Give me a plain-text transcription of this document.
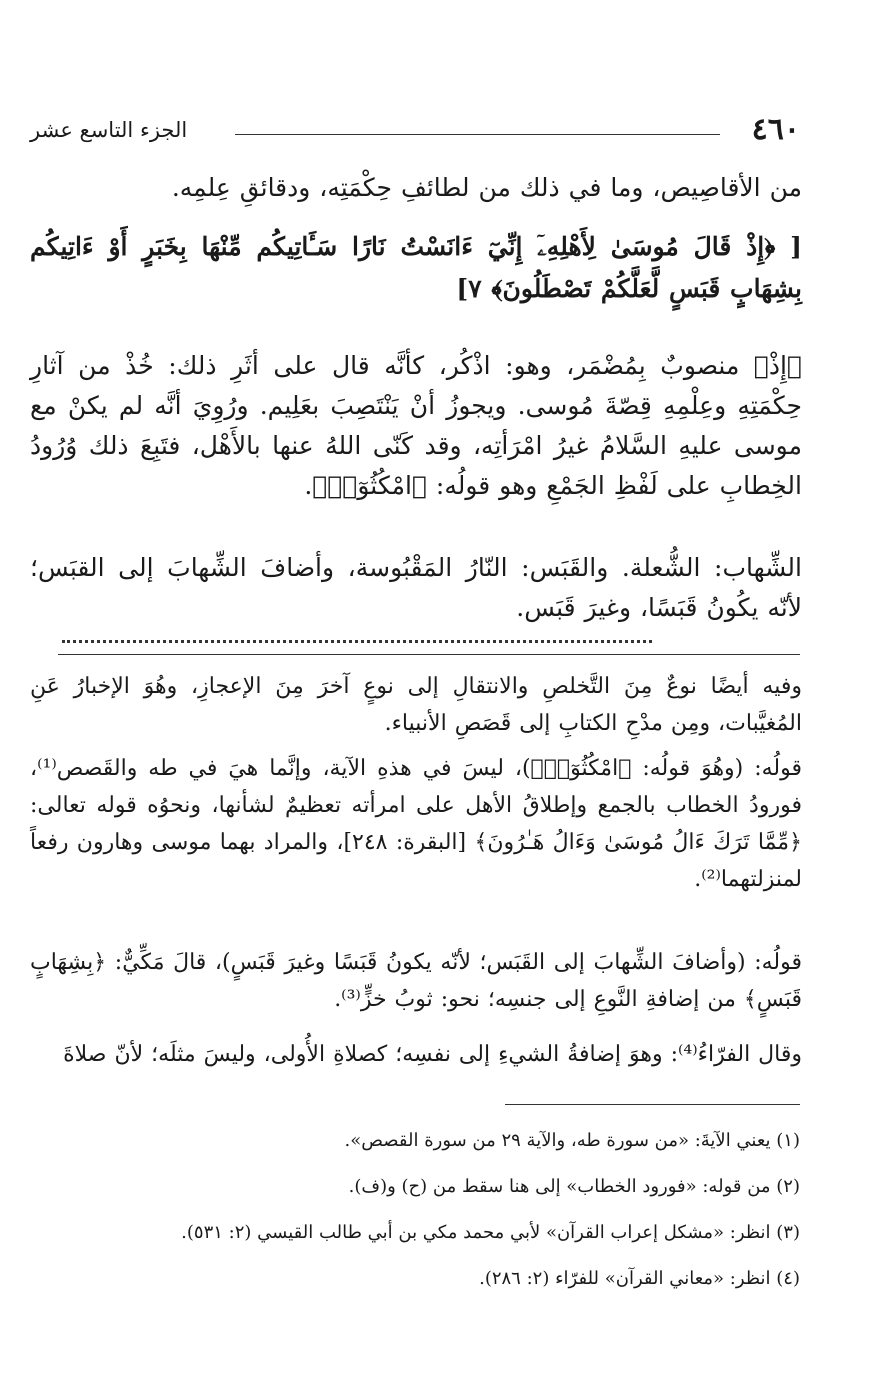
٤٦٠
الجزء التاسع عشر

من الأقاصِيص، وما في ذلك من لطائفِ حِكْمَتِه، ودقائقِ عِلمِه.

[ ﴿إِذْ قَالَ مُوسَىٰ لِأَهْلِهِۦٓ إِنِّيٓ ءَانَسْتُ نَارًا سَـَٔاتِيكُم مِّنْهَا بِخَبَرٍ أَوْ ءَاتِيكُم بِشِهَابٍ قَبَسٍ لَّعَلَّكُمْ تَصْطَلُونَ﴾ ٧]

﴿إِذْ﴾ منصوبٌ بِمُضْمَر، وهو: اذْكُر، كأنَّه قال على أثَرِ ذلك: خُذْ من آثارِ حِكْمَتِهِ وعِلْمِهِ قِصّةَ مُوسى. ويجوزُ أنْ يَنْتَصِبَ بعَلِيم. ورُوِيَ أنَّه لم يكنْ مع موسى عليهِ السَّلامُ غيرُ امْرَأتِه، وقد كَنّى اللهُ عنها بالأَهْل، فتَبِعَ ذلك وُرُودُ الخِطابِ على لَفْظِ الجَمْعِ وهو قولُه: ﴿امْكُثُوٓا۟﴾.

الشِّهاب: الشُّعلة. والقَبَس: النّارُ المَقْبُوسة، وأضافَ الشِّهابَ إلى القبَس؛ لأنّه يكُونُ قَبَسًا، وغيرَ قَبَس.

وفيه أيضًا نوعٌ مِنَ التَّخلصِ والانتقالِ إلى نوعٍ آخرَ مِنَ الإعجازِ، وهُوَ الإخبارُ عَنِ المُغيَّبات، ومِن مدْحِ الكتابِ إلى قَصَصِ الأنبياء.

قولُه: (وهُوَ قولُه: ﴿امْكُثُوٓا۟﴾)، ليسَ في هذهِ الآية، وإنَّما هيَ في طه والقَصص⁽¹⁾، فورودُ الخطاب بالجمع وإطلاقُ الأهل على امرأته تعظيمٌ لشأنها، ونحوُه قوله تعالى: ﴿مِّمَّا تَرَكَ ءَالُ مُوسَىٰ وَءَالُ هَـٰرُونَ﴾ [البقرة: ٢٤٨]، والمراد بهما موسى وهارون رفعاً لمنزلتهما⁽²⁾.

قولُه: (وأضافَ الشِّهابَ إلى القَبَس؛ لأنّه يكونُ قَبَسًا وغيرَ قَبَسٍ)، قالَ مَكِّيٌّ: ﴿بِشِهَابٍ قَبَسٍ﴾ من إضافةِ النَّوعِ إلى جنسِه؛ نحو: ثوبُ خزٍّ⁽³⁾.

وقال الفرّاءُ⁽⁴⁾: وهوَ إضافةُ الشيءِ إلى نفسِه؛ كصلاةِ الأُولى، وليسَ مثلَه؛ لأنّ صلاةَ

(١) يعني الآيةَ: «من سورة طه، والآية ٢٩ من سورة القصص».

(٢) من قوله: «فورود الخطاب» إلى هنا سقط من (ح) و(ف).

(٣) انظر: «مشكل إعراب القرآن» لأبي محمد مكي بن أبي طالب القيسي (٢: ٥٣١).

(٤) انظر: «معاني القرآن» للفرّاء (٢: ٢٨٦).
